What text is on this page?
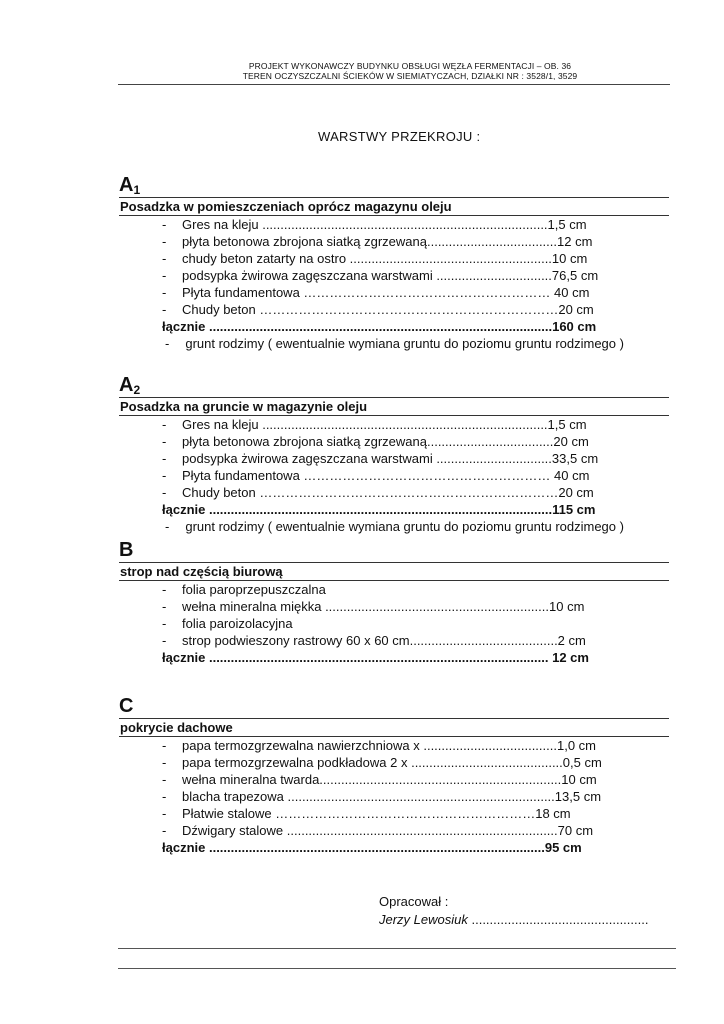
PROJEKT WYKONAWCZY BUDYNKU OBSŁUGI WĘZŁA FERMENTACJI – OB. 36
TEREN OCZYSZCZALNI ŚCIEKÓW W SIEMIATYCZACH, DZIAŁKI NR : 3528/1, 3529
WARSTWY PRZEKROJU :
$A_1$
Posadzka w pomieszczeniach oprócz magazynu oleju
- Gres na kleju ...............................................................................1,5 cm
- płyta betonowa zbrojona siatką zgrzewaną....................................12 cm
- chudy beton zatarty na ostro ........................................................10 cm
- podsypka żwirowa zagęszczana warstwami ................................76,5 cm
- Płyta fundamentowa ………………………………………………… 40 cm
- Chudy beton ……………………………………………………………20 cm
łącznie ...............................................................................................160 cm
- grunt rodzimy ( ewentualnie wymiana gruntu do poziomu gruntu rodzimego )
$A_2$
Posadzka na gruncie w magazynie oleju
- Gres na kleju ...............................................................................1,5 cm
- płyta betonowa zbrojona siatką zgrzewaną...................................20 cm
- podsypka żwirowa zagęszczana warstwami ................................33,5 cm
- Płyta fundamentowa ………………………………………………… 40 cm
- Chudy beton ……………………………………………………………20 cm
łącznie ...............................................................................................115 cm
- grunt rodzimy ( ewentualnie wymiana gruntu do poziomu gruntu rodzimego )
B
strop nad częścią biurową
- folia paroprzepuszczalna
- wełna mineralna miękka ..............................................................10 cm
- folia paroizolacyjna
- strop podwieszony rastrowy 60 x 60 cm.........................................2 cm
łącznie .............................................................................................. 12 cm
C
pokrycie dachowe
- papa termozgrzewalna nawierzchniowa x .....................................1,0 cm
- papa termozgrzewalna podkładowa 2 x ..........................................0,5 cm
- wełna mineralna twarda...................................................................10 cm
- blacha trapezowa ..........................................................................13,5 cm
- Płatwie stalowe ……………………………………………………18 cm
- Dźwigary stalowe ...........................................................................70 cm
łącznie .............................................................................................95 cm
Opracował :
Jerzy Lewosiuk .................................................
